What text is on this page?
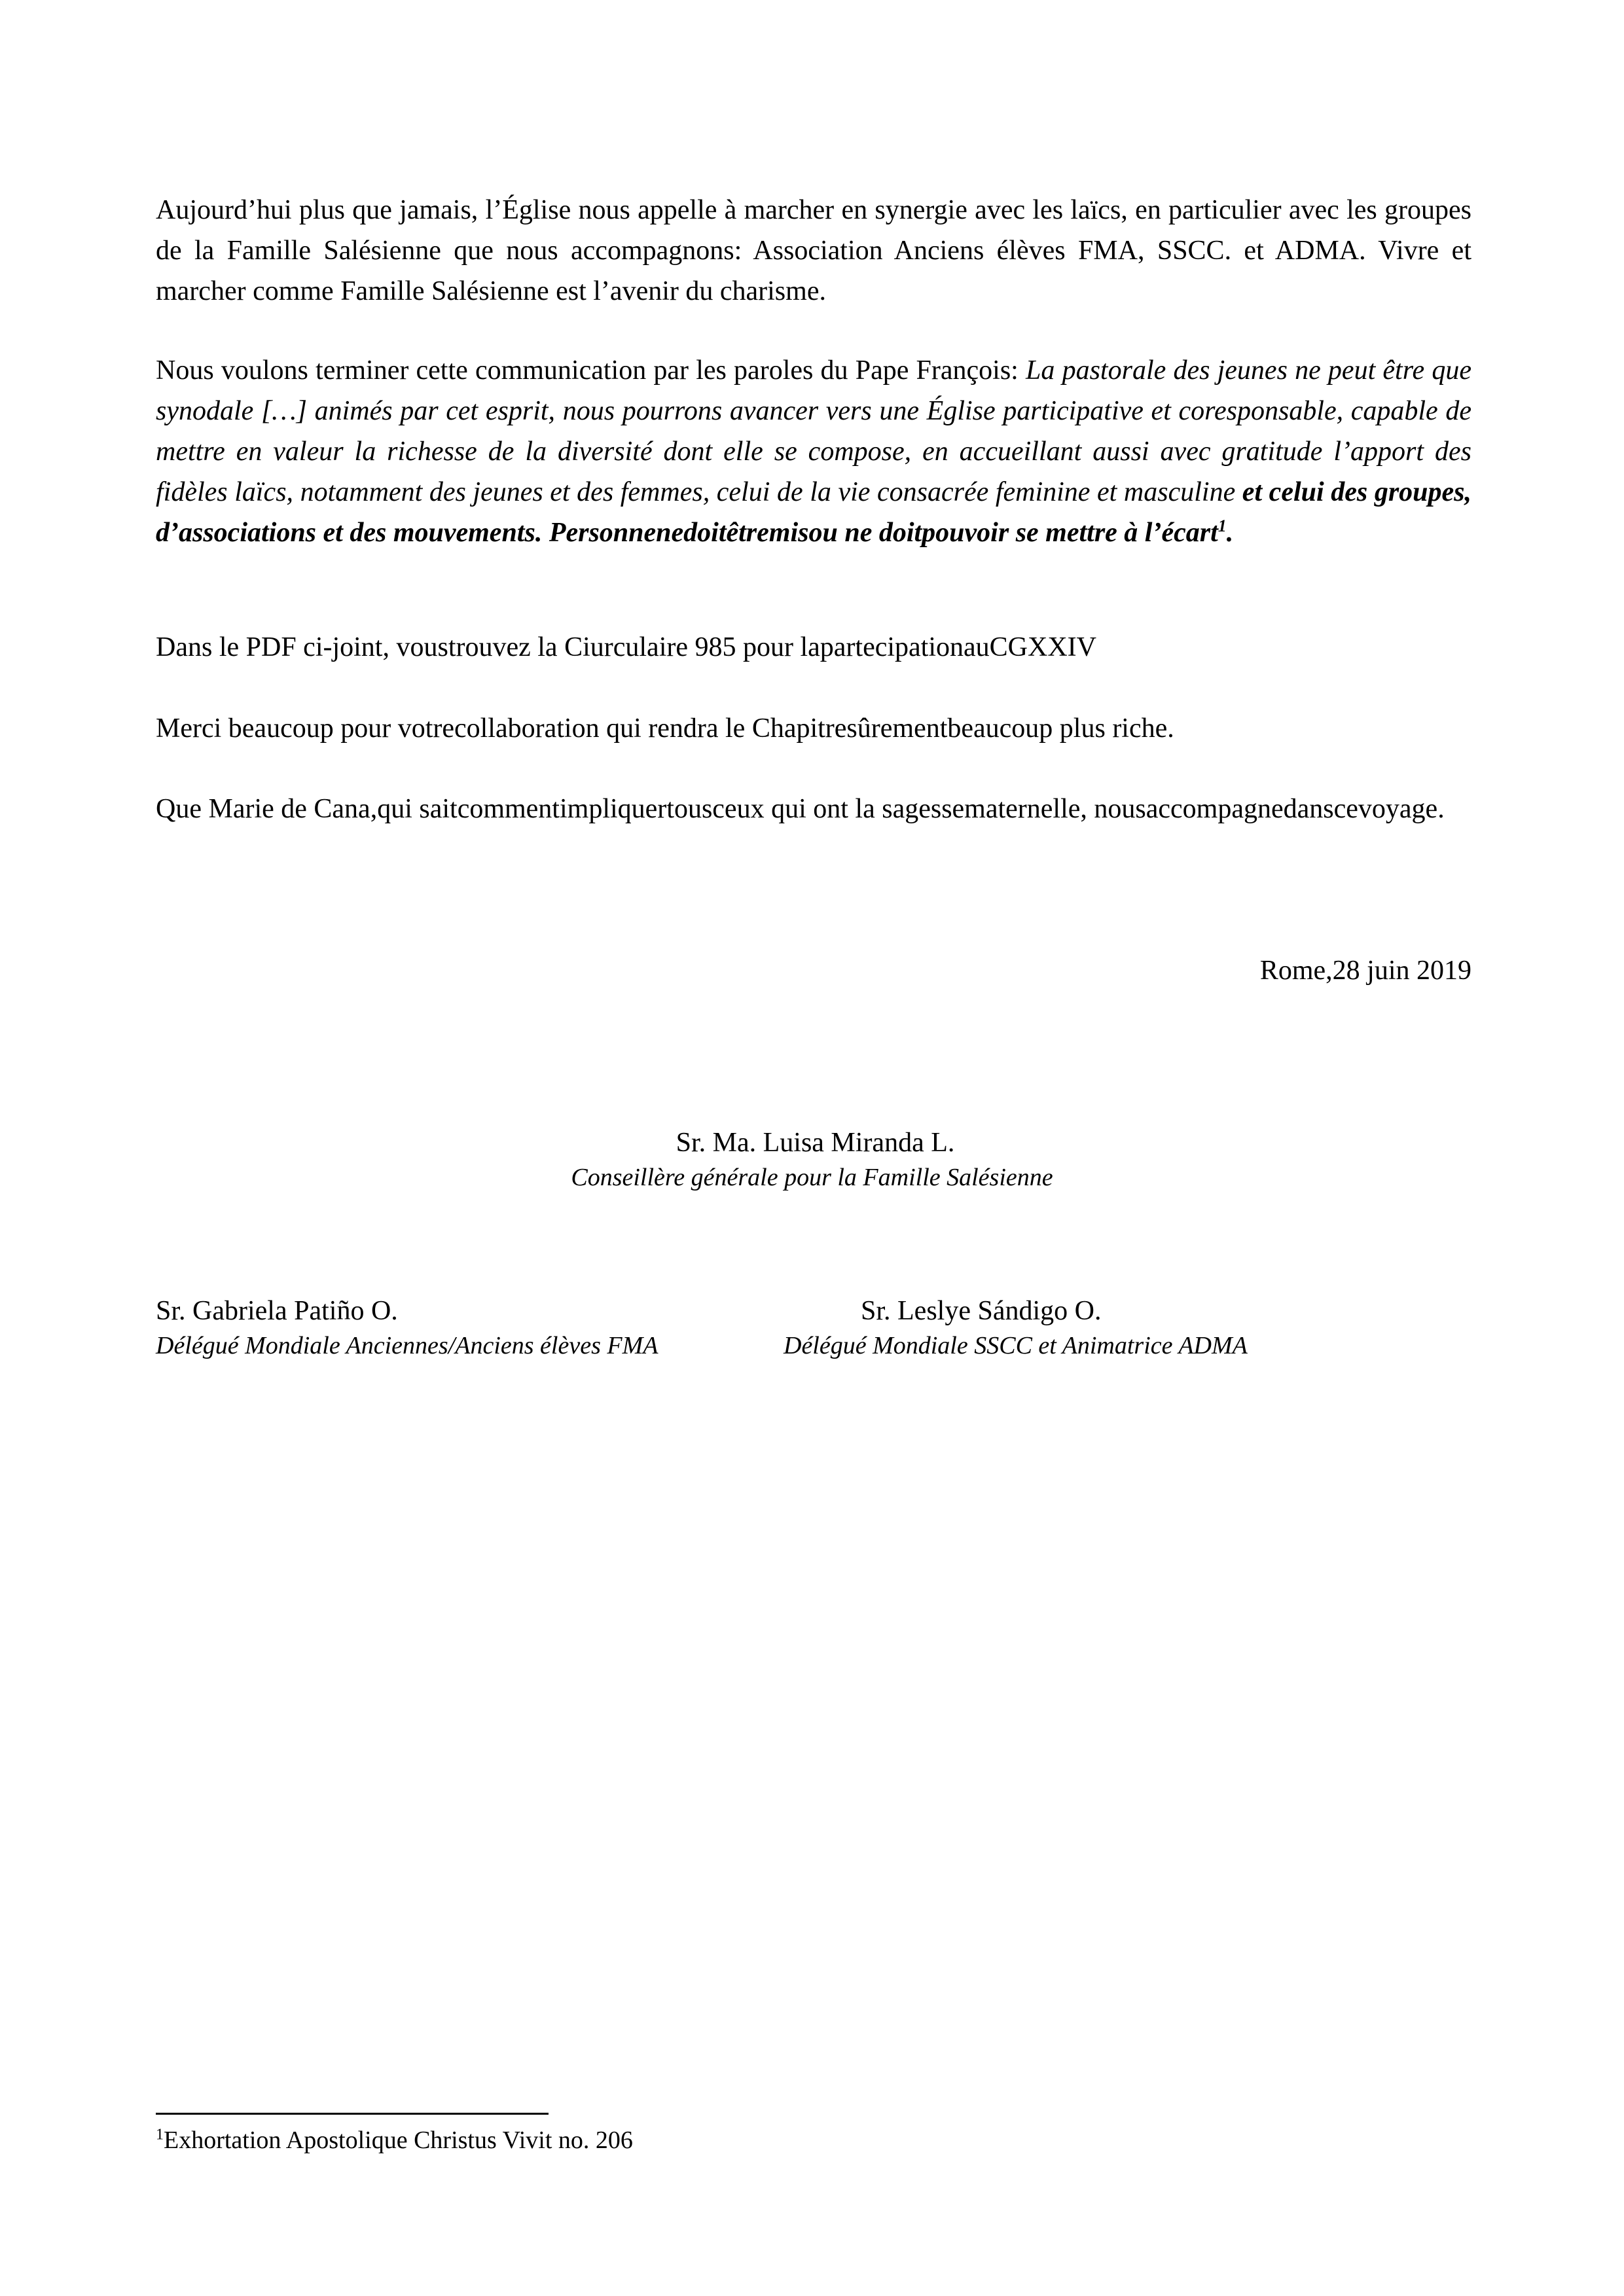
Aujourd’hui plus que jamais, l’Église nous appelle à marcher en synergie avec les laïcs, en particulier avec les groupes de la Famille Salésienne que nous accompagnons: Association Anciens élèves FMA, SSCC. et ADMA. Vivre et marcher comme Famille Salésienne est l’avenir du charisme.

Nous voulons terminer cette communication par les paroles du Pape François: La pastorale des jeunes ne peut être que synodale […] animés par cet esprit, nous pourrons avancer vers une Église participative et coresponsable, capable de mettre en valeur la richesse de la diversité dont elle se compose, en accueillant aussi avec gratitude l’apport des fidèles laïcs, notamment des jeunes et des femmes, celui de la vie consacrée feminine et masculine et celui des groupes, d’associations et des mouvements. Personnenedoitêtremisou ne doitpouvoir se mettre à l’écart$^1$.

Dans le PDF ci-joint, voustrouvez la Ciurculaire 985 pour lapartecipationauCGXXIV

Merci beaucoup pour votrecollaboration qui rendra le Chapitresûrementbeaucoup plus riche.

Que Marie de Cana,qui saitcommentimpliquertousceux qui ont la sagessematernelle, nousaccompagnedanscevoyage.

Rome,28 juin 2019
Sr. Ma. Luisa Miranda L.
Conseillère générale pour la Famille Salésienne
Sr. Gabriela Patiño O.
Délégué Mondiale Anciennes/Anciens élèves FMA
Sr. Leslye Sándigo O.
Délégué Mondiale SSCC et Animatrice ADMA
$^1$Exhortation Apostolique Christus Vivit no. 206
